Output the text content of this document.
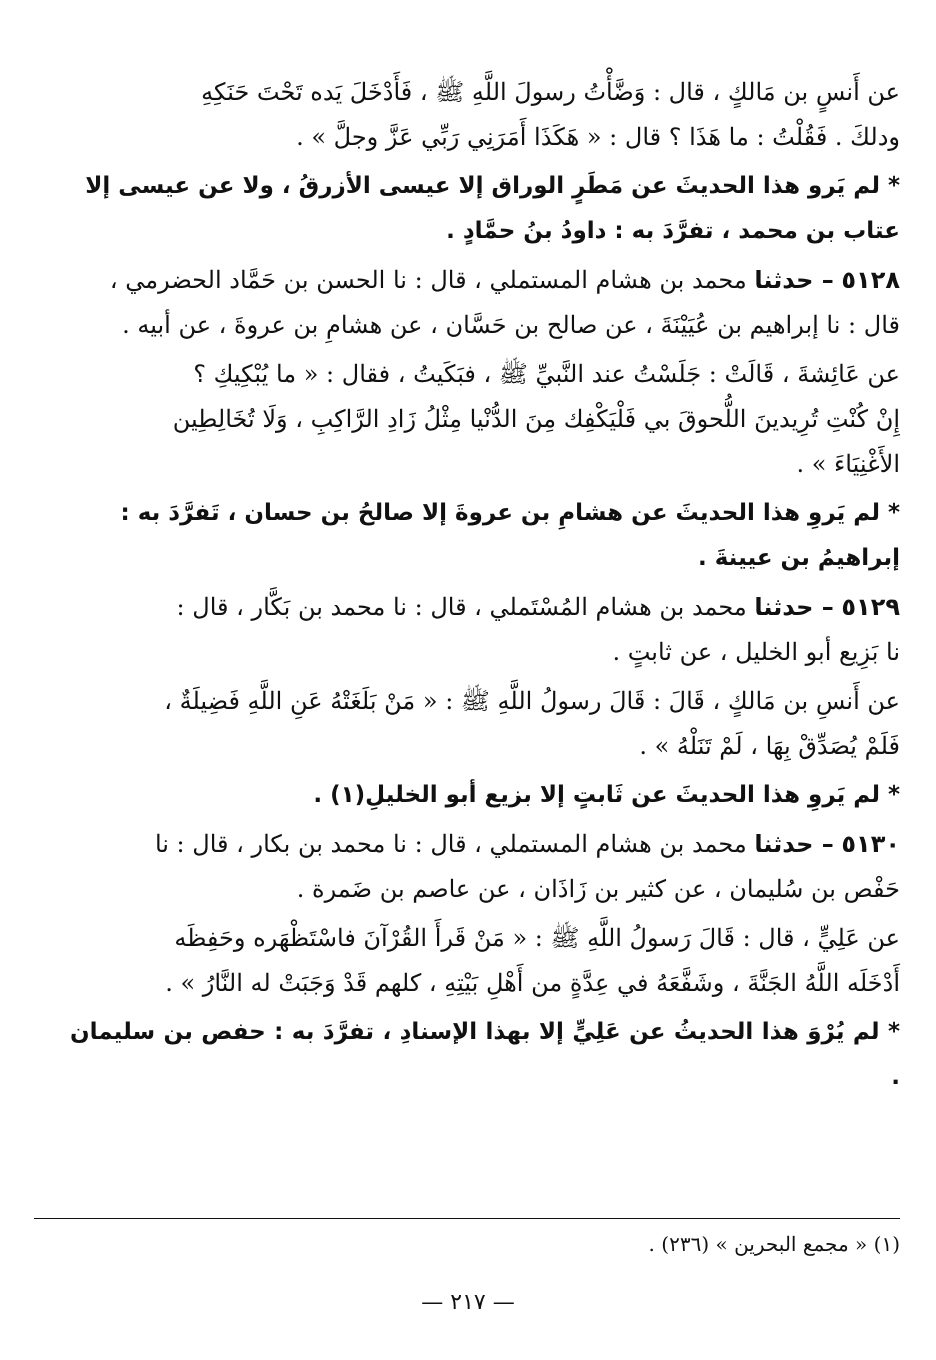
عن أَنسٍ بن مَالكٍ ، قال : وَضَّأْتُ رسولَ اللَّهِ ﷺ ، فَأَدْخَلَ يَده تَحْتَ حَنَكِهِ

ودلكَ . فَقُلْتُ : ما هَذَا ؟ قال : « هَكَذَا أَمَرَنِي رَبِّي عَزَّ وجلَّ » .

* لم يَرو هذا الحديثَ عن مَطَرٍ الوراق إلا عيسى الأزرقُ ، ولا عن عيسى إلا

عتاب بن محمد ، تفرَّدَ به : داودُ بنُ حمَّادٍ .

٥١٢٨ – حدثنا محمد بن هشام المستملي ، قال : نا الحسن بن حَمَّاد الحضرمي ،

قال : نا إبراهيم بن عُيَيْنَةَ ، عن صالح بن حَسَّان ، عن هشامِ بن عروةَ ، عن أبيه .

عن عَائِشةَ ، قَالَتْ : جَلَسْتُ عند النَّبيِّ ﷺ ، فبَكَيتُ ، فقال : « ما يُبْكِيكِ ؟

إِنْ كُنْتِ تُرِيدينَ اللُّحوقَ بي فَلْيَكْفِك مِنَ الدُّنْيا مِثْلُ زَادِ الرَّاكِبِ ، وَلَا تُخَالِطِين

الأَغْنِيَاءَ » .

* لم يَروِ هذا الحديثَ عن هشامِ بن عروةَ إلا صالحُ بن حسان ، تَفرَّدَ به :

إبراهيمُ بن عيينةَ .

٥١٢٩ – حدثنا محمد بن هشام المُسْتَملي ، قال : نا محمد بن بَكَّار ، قال :

نا بَزِيع أبو الخليل ، عن ثابتٍ .

عن أَنسِ بن مَالكٍ ، قَالَ : قَالَ رسولُ اللَّهِ ﷺ : « مَنْ بَلَغَتْهُ عَنِ اللَّهِ فَضِيلَةٌ ،

فَلَمْ يُصَدِّقْ بِهَا ، لَمْ تَنَلْهُ » .

* لم يَروِ هذا الحديثَ عن ثَابتٍ إلا بزيع أبو الخليلِ(١) .

٥١٣٠ – حدثنا محمد بن هشام المستملي ، قال : نا محمد بن بكار ، قال : نا

حَفْص بن سُليمان ، عن كثير بن زَاذَان ، عن عاصم بن ضَمرة .

عن عَلِيٍّ ، قال : قَالَ رَسولُ اللَّهِ ﷺ : « مَنْ قَرأَ القُرْآنَ فاسْتَظْهَره وحَفِظَه

أَدْخَلَه اللَّهُ الجَنَّةَ ، وشَفَّعَهُ في عِدَّةٍ من أَهْلِ بَيْتِهِ ، كلهم قَدْ وَجَبَتْ له النَّارُ » .

* لم يُرْوَ هذا الحديثُ عن عَلِيٍّ إلا بهذا الإسنادِ ، تفرَّدَ به : حفص بن سليمان .

(١) « مجمع البحرين » (٢٣٦) .
— ٢١٧ —
